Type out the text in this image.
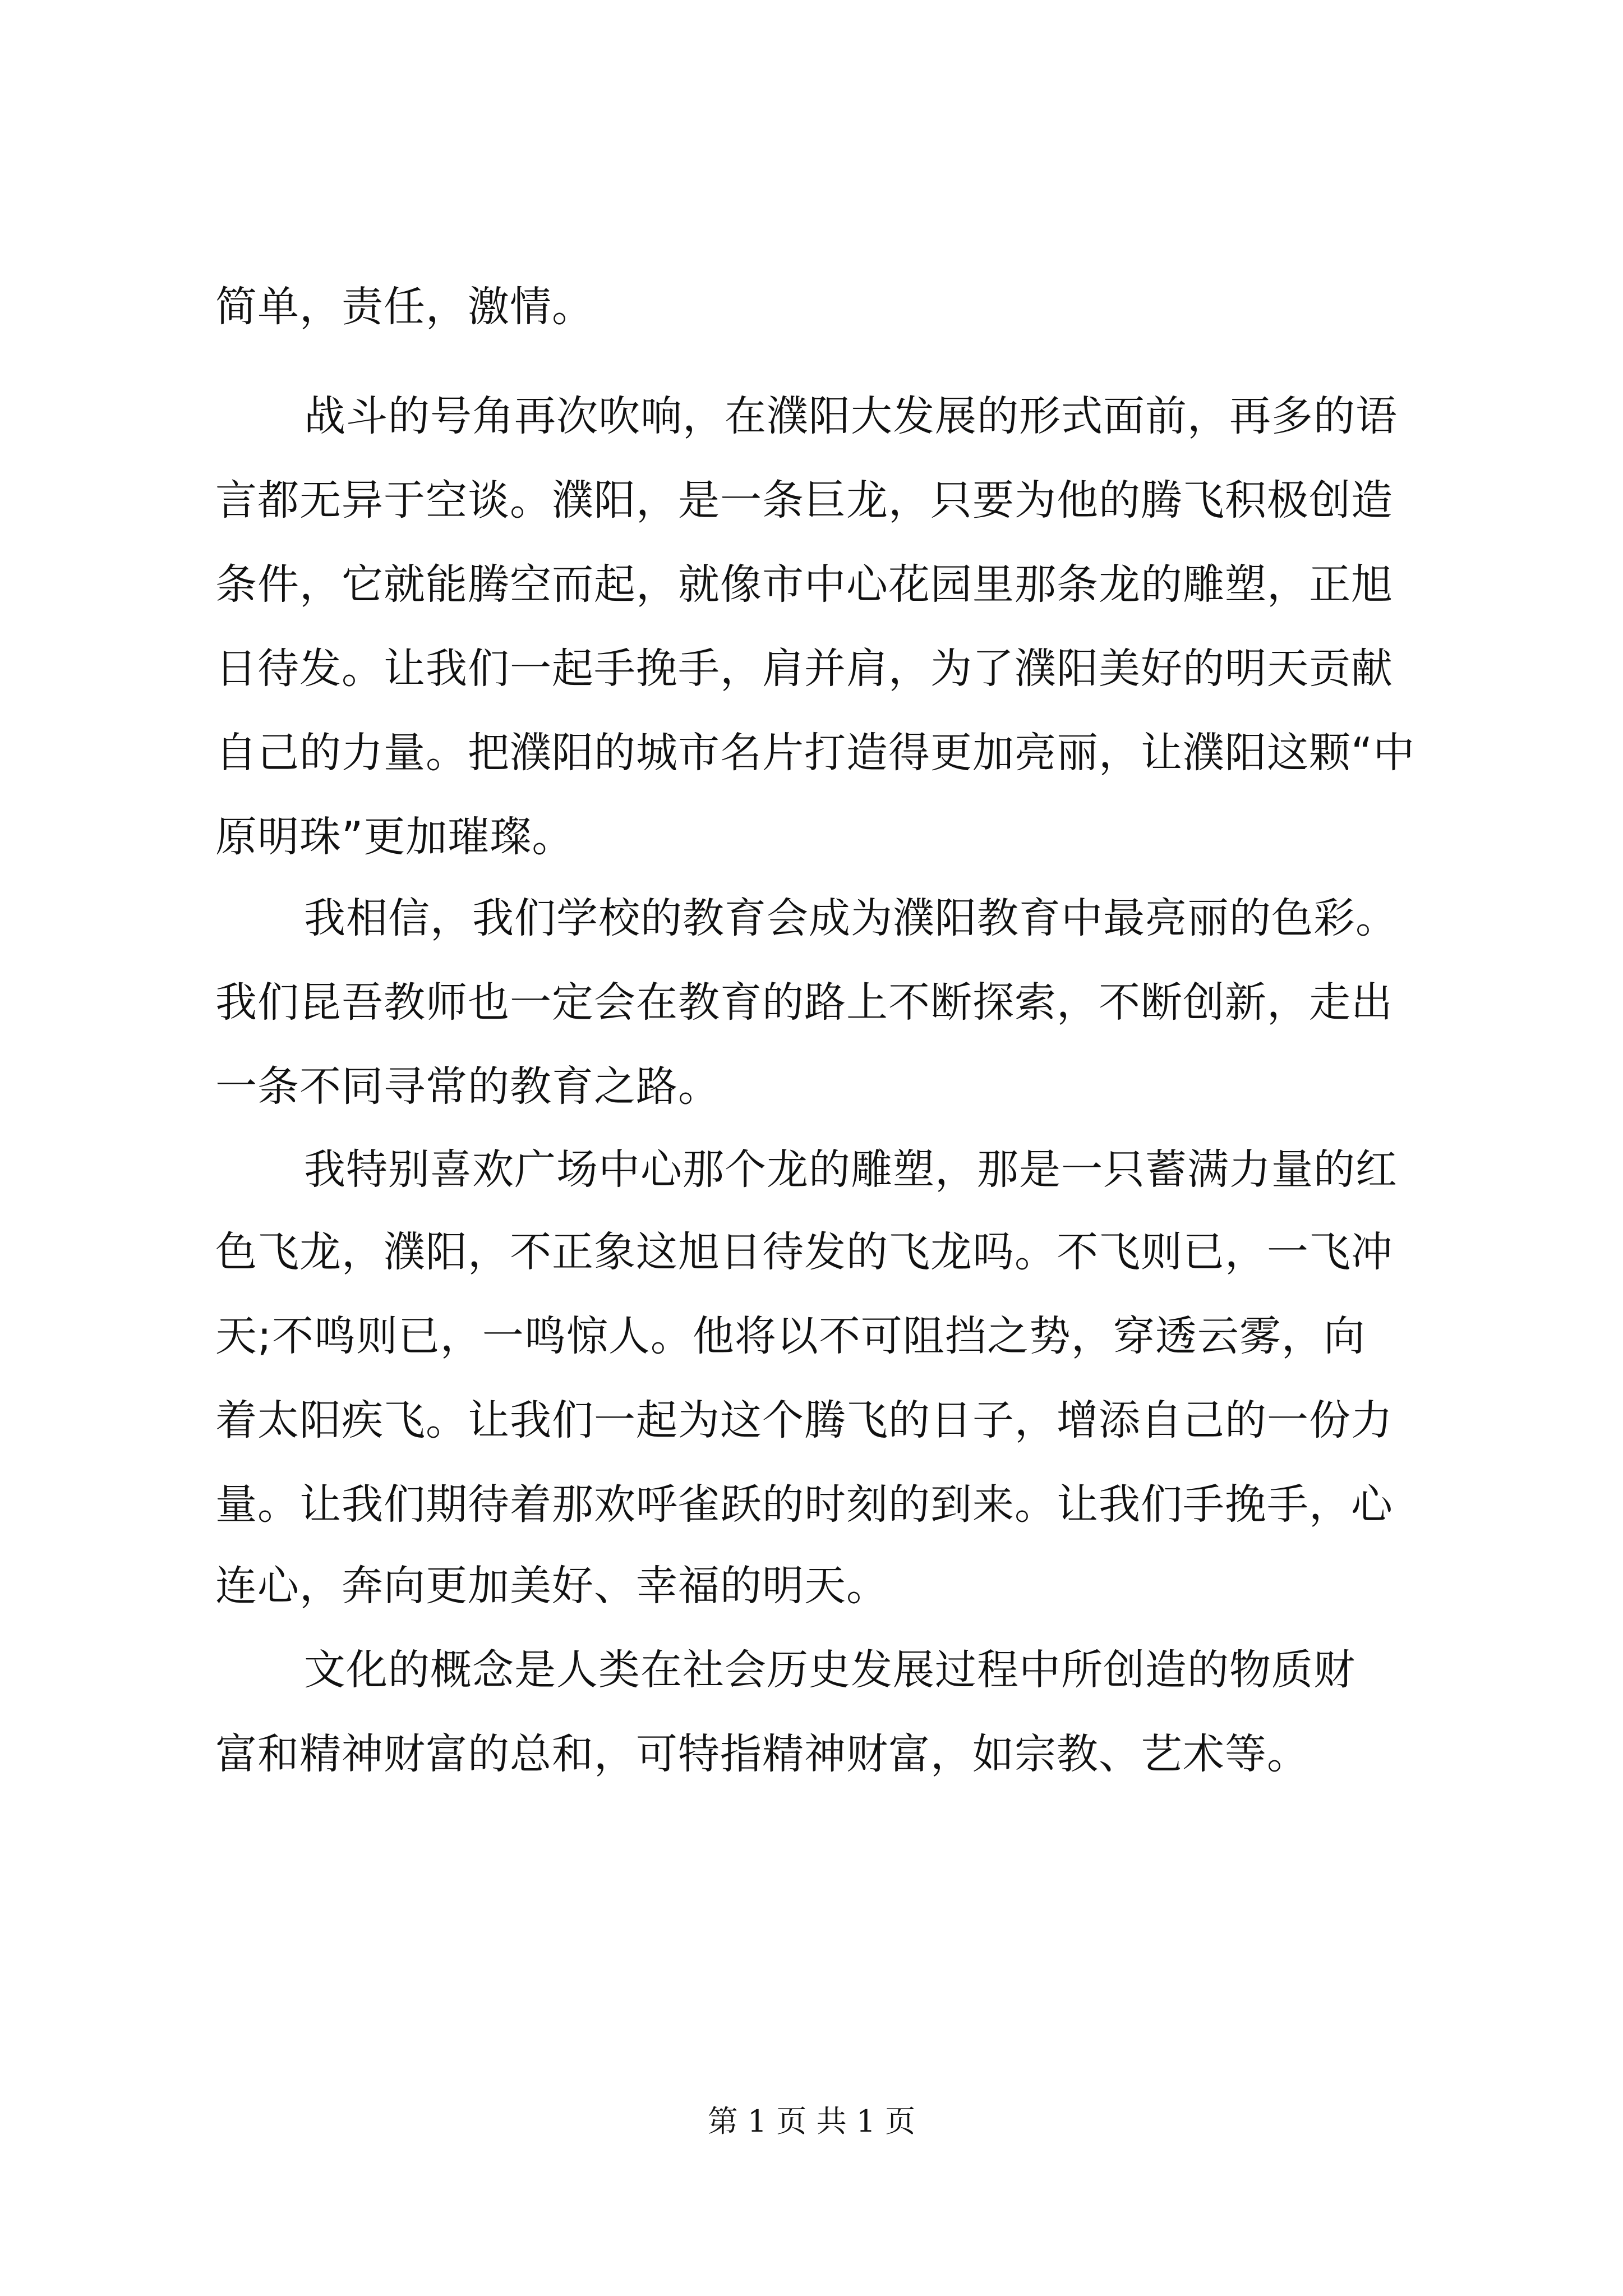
简单，责任，激情。
战斗的号角再次吹响，在濮阳大发展的形式面前，再多的语
言都无异于空谈。濮阳，是一条巨龙，只要为他的腾飞积极创造
条件，它就能腾空而起，就像市中心花园里那条龙的雕塑，正旭
日待发。让我们一起手挽手，肩并肩，为了濮阳美好的明天贡献
自己的力量。把濮阳的城市名片打造得更加亮丽，让濮阳这颗“中
原明珠”更加璀璨。
我相信，我们学校的教育会成为濮阳教育中最亮丽的色彩。
我们昆吾教师也一定会在教育的路上不断探索，不断创新，走出
一条不同寻常的教育之路。
我特别喜欢广场中心那个龙的雕塑，那是一只蓄满力量的红
色飞龙，濮阳，不正象这旭日待发的飞龙吗。不飞则已，一飞冲
天;不鸣则已，一鸣惊人。他将以不可阻挡之势，穿透云雾，向
着太阳疾飞。让我们一起为这个腾飞的日子，增添自己的一份力
量。让我们期待着那欢呼雀跃的时刻的到来。让我们手挽手，心
连心，奔向更加美好、幸福的明天。
文化的概念是人类在社会历史发展过程中所创造的物质财
富和精神财富的总和，可特指精神财富，如宗教、艺术等。
第 1 页 共 1 页
